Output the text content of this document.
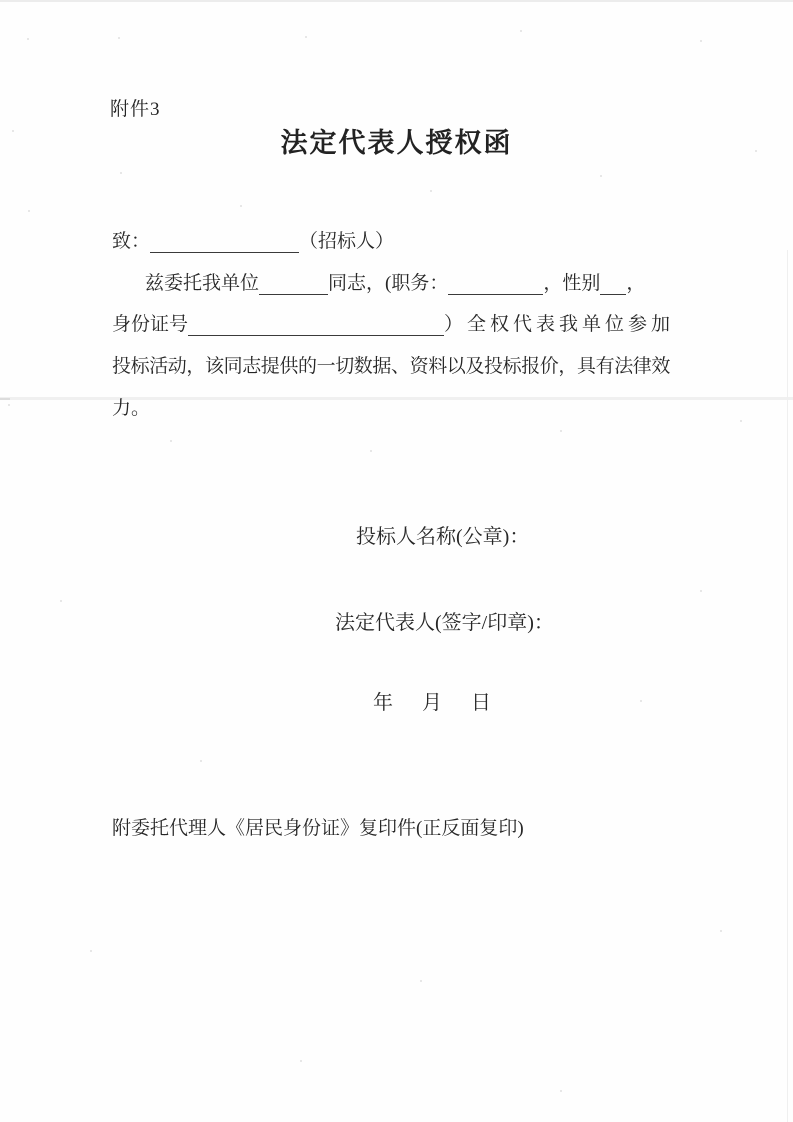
附件3
法定代表人授权函
致：	（招标人）
兹委托我单位	同志，(职务：	，性别 ，
身份证号	）全权代表我单位参加
投标活动，该同志提供的一切数据、资料以及投标报价，具有法律效
力。
投标人名称(公章)：
法定代表人(签字/印章)：
年 月 日
附委托代理人《居民身份证》复印件(正反面复印)
